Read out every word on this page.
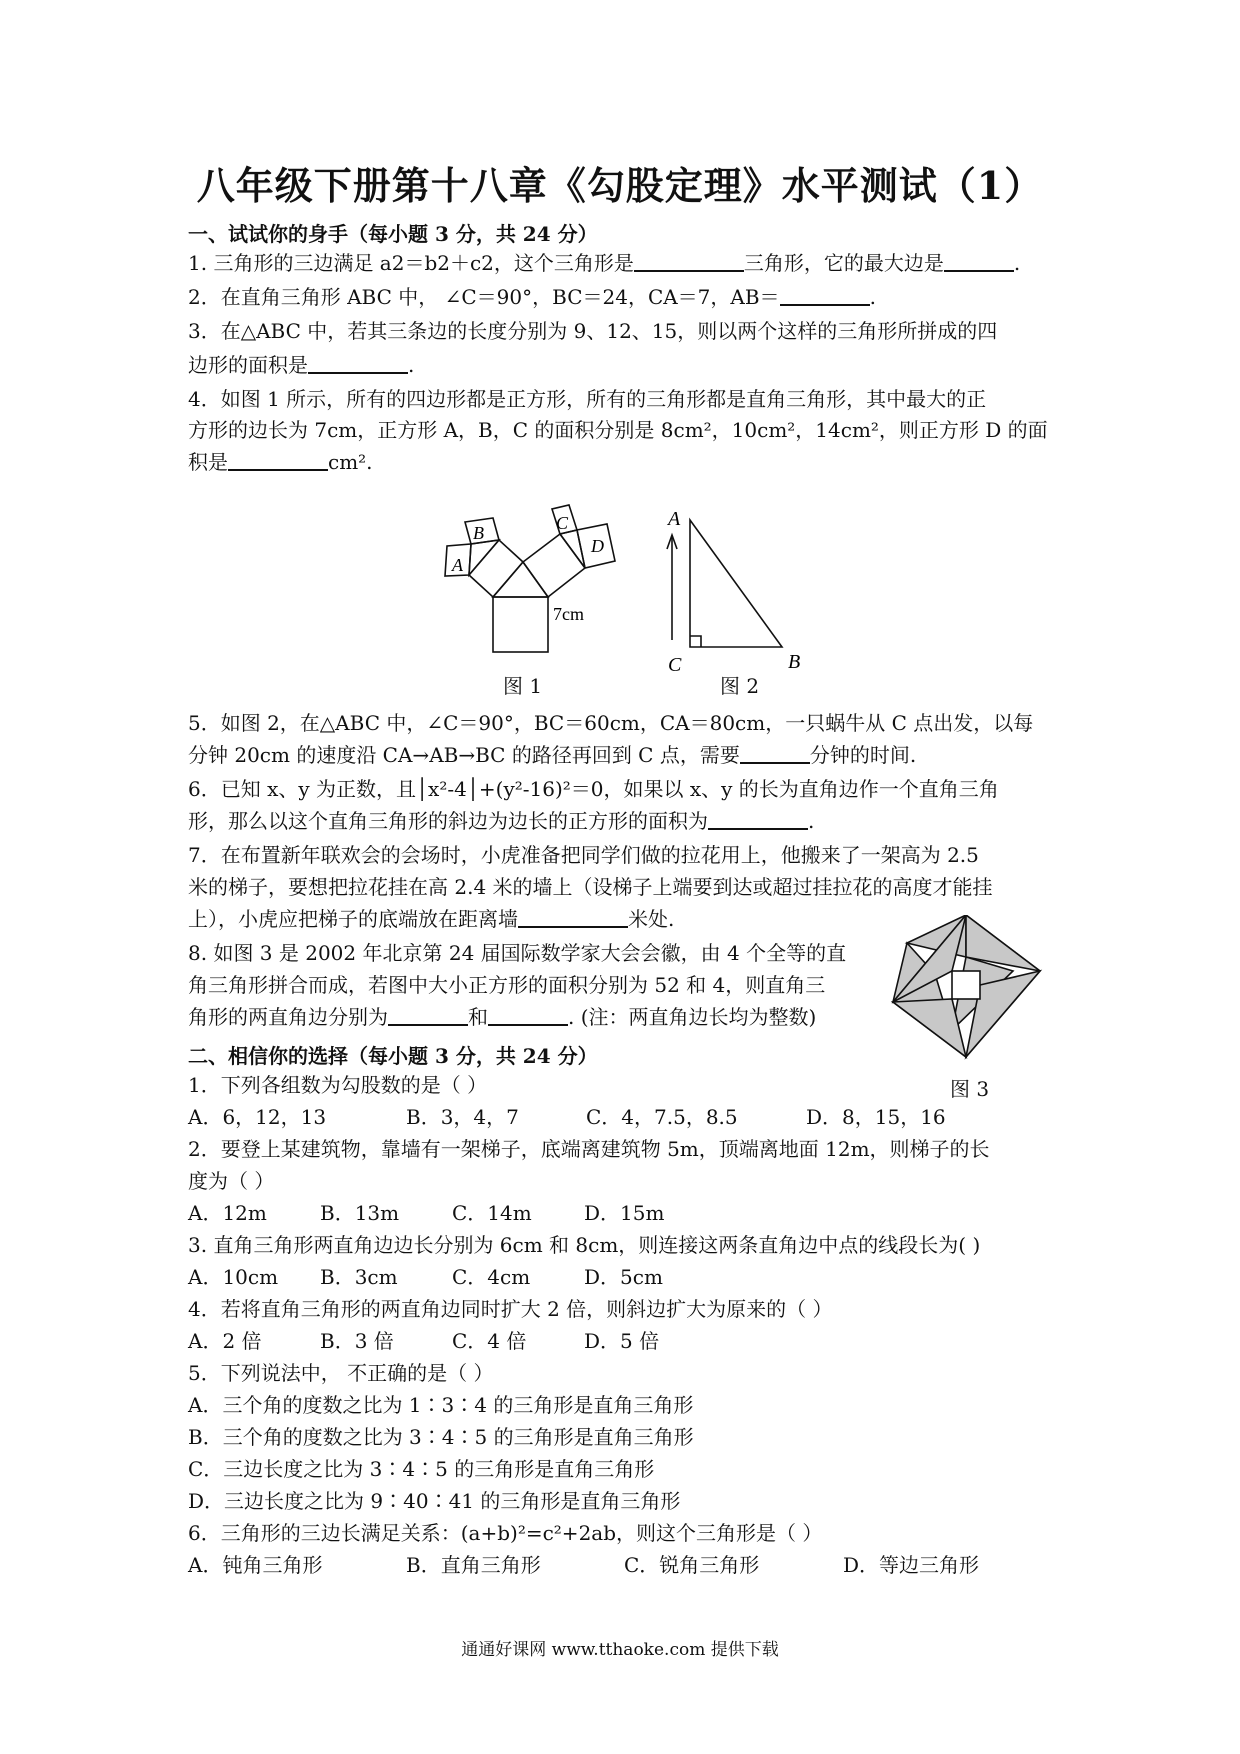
八年级下册第十八章《勾股定理》水平测试（1）
一、试试你的身手（每小题 3 分，共 24 分）
1. 三角形的三边满足 a2＝b2＋c2，这个三角形是	三角形，它的最大边是	.
2．在直角三角形 ABC 中， ∠C＝90°，BC＝24，CA＝7，AB＝	.
3．在△ABC 中，若其三条边的长度分别为 9、12、15，则以两个这样的三角形所拼成的四
边形的面积是	.
4．如图 1 所示，所有的四边形都是正方形，所有的三角形都是直角三角形，其中最大的正
方形的边长为 7cm，正方形 A，B，C 的面积分别是 8cm²，10cm²，14cm²，则正方形 D 的面
积是	cm².
A
B	C
D
7cm
图 1
A
C	B
图 2
5．如图 2，在△ABC 中，∠C＝90°，BC＝60cm，CA＝80cm，一只蜗牛从 C 点出发，以每
分钟 20cm 的速度沿 CA→AB→BC 的路径再回到 C 点，需要	分钟的时间.
6．已知 x、y 为正数，且│x²-4│+(y²-16)²＝0，如果以 x、y 的长为直角边作一个直角三角
形，那么以这个直角三角形的斜边为边长的正方形的面积为	.
7．在布置新年联欢会的会场时，小虎准备把同学们做的拉花用上，他搬来了一架高为 2.5
米的梯子，要想把拉花挂在高 2.4 米的墙上（设梯子上端要到达或超过挂拉花的高度才能挂
上），小虎应把梯子的底端放在距离墙	米处.
8. 如图 3 是 2002 年北京第 24 届国际数学家大会会徽，由 4 个全等的直
角三角形拼合而成，若图中大小正方形的面积分别为 52 和 4，则直角三
角形的两直角边分别为	和	. (注：两直角边长均为整数)
图 3
二、相信你的选择（每小题 3 分，共 24 分）
1．下列各组数为勾股数的是（ ）
A．6，12，13	B．3，4，7	C．4，7.5，8.5	D．8，15，16
2．要登上某建筑物，靠墙有一架梯子，底端离建筑物 5m，顶端离地面 12m，则梯子的长
度为（ ）
A．12m	B．13m	C．14m	D．15m
3. 直角三角形两直角边边长分别为 6cm 和 8cm，则连接这两条直角边中点的线段长为( )
A．10cm B．3cm	C．4cm	D．5cm
4．若将直角三角形的两直角边同时扩大 2 倍，则斜边扩大为原来的（ ）
A．2 倍	B．3 倍	C．4 倍	D．5 倍
5．下列说法中， 不正确的是（ ）
A．三个角的度数之比为 1∶3∶4 的三角形是直角三角形
B．三个角的度数之比为 3∶4∶5 的三角形是直角三角形
C．三边长度之比为 3∶4∶5 的三角形是直角三角形
D．三边长度之比为 9∶40∶41 的三角形是直角三角形
6．三角形的三边长满足关系：(a+b)²=c²+2ab，则这个三角形是（ ）
A．钝角三角形	B．直角三角形	C．锐角三角形	D．等边三角形
通通好课网 www.tthaoke.com 提供下载
